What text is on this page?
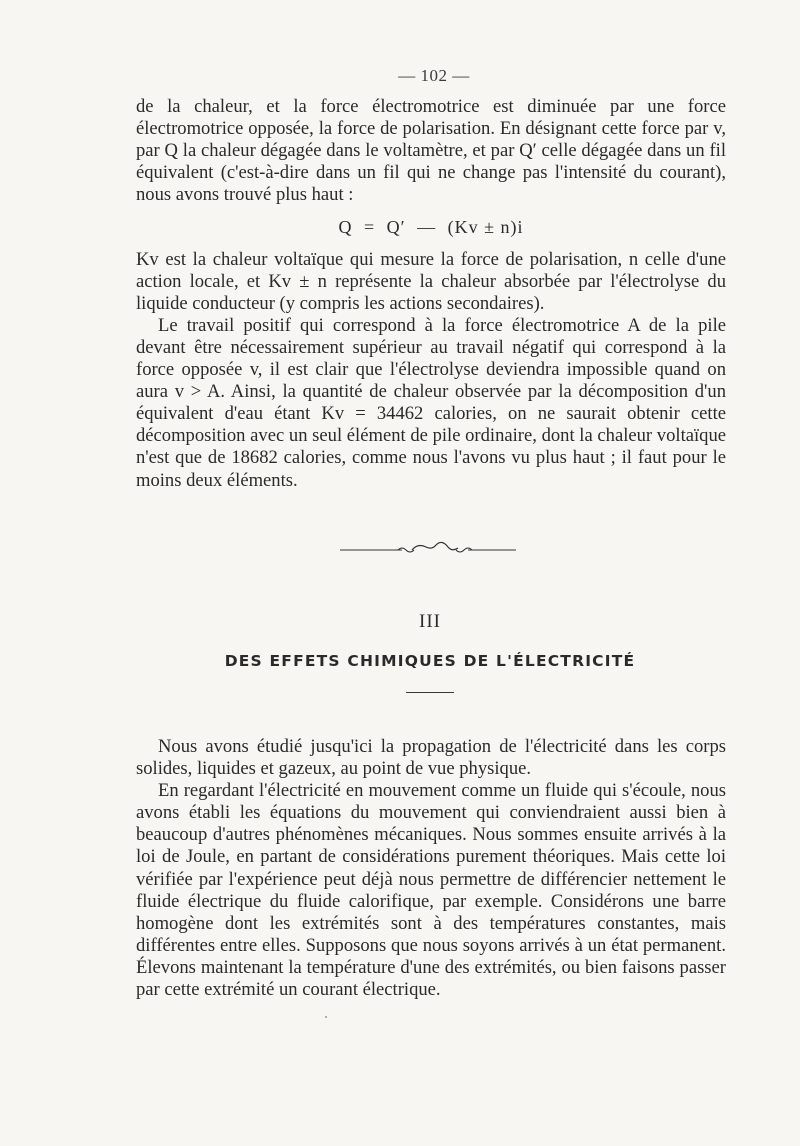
— 102 —

de la chaleur, et la force électromotrice est diminuée par une force électromotrice opposée, la force de polarisation. En désignant cette force par v, par Q la chaleur dégagée dans le voltamètre, et par Q′ celle dégagée dans un fil équivalent (c'est-à-dire dans un fil qui ne change pas l'intensité du courant), nous avons trouvé plus haut :

Q = Q′ — (Kv ± n)i

Kv est la chaleur voltaïque qui mesure la force de polarisation, n celle d'une action locale, et Kv ± n représente la chaleur absorbée par l'électrolyse du liquide conducteur (y compris les actions secondaires).

Le travail positif qui correspond à la force électromotrice A de la pile devant être nécessairement supérieur au travail négatif qui correspond à la force opposée v, il est clair que l'électrolyse deviendra impossible quand on aura v > A. Ainsi, la quantité de chaleur observée par la décomposition d'un équivalent d'eau étant Kv = 34462 calories, on ne saurait obtenir cette décomposition avec un seul élément de pile ordinaire, dont la chaleur voltaïque n'est que de 18682 calories, comme nous l'avons vu plus haut ; il faut pour le moins deux éléments.

III
DES EFFETS CHIMIQUES DE L'ÉLECTRICITÉ

Nous avons étudié jusqu'ici la propagation de l'électricité dans les corps solides, liquides et gazeux, au point de vue physique.

En regardant l'électricité en mouvement comme un fluide qui s'écoule, nous avons établi les équations du mouvement qui conviendraient aussi bien à beaucoup d'autres phénomènes mécaniques. Nous sommes ensuite arrivés à la loi de Joule, en partant de considérations purement théoriques. Mais cette loi vérifiée par l'expérience peut déjà nous permettre de différencier nettement le fluide électrique du fluide calorifique, par exemple. Considérons une barre homogène dont les extrémités sont à des températures constantes, mais différentes entre elles. Supposons que nous soyons arrivés à un état permanent. Élevons maintenant la température d'une des extrémités, ou bien faisons passer par cette extrémité un courant électrique.
